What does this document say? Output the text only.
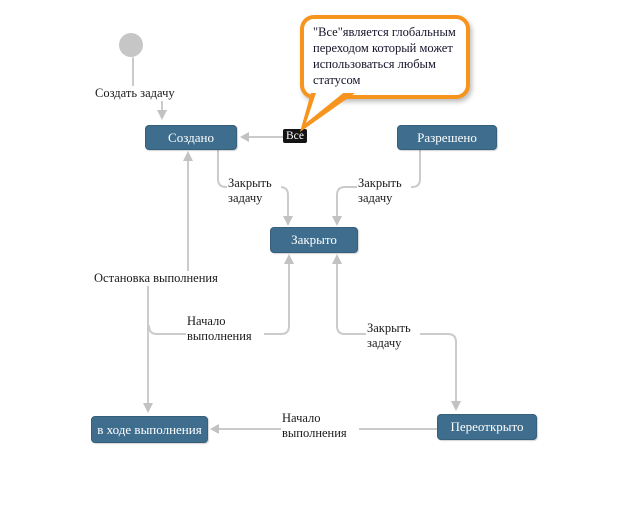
Создано	Разрешено
Закрыто
в ходе выполнения	Переоткрыто
Создать задачу
Все
Закрыть задачу
Закрыть задачу
Закрыть задачу
Остановка выполнения
Начало выполнения
Начало выполнения
"Все"является глобальным переходом который может использоваться любым статусом
